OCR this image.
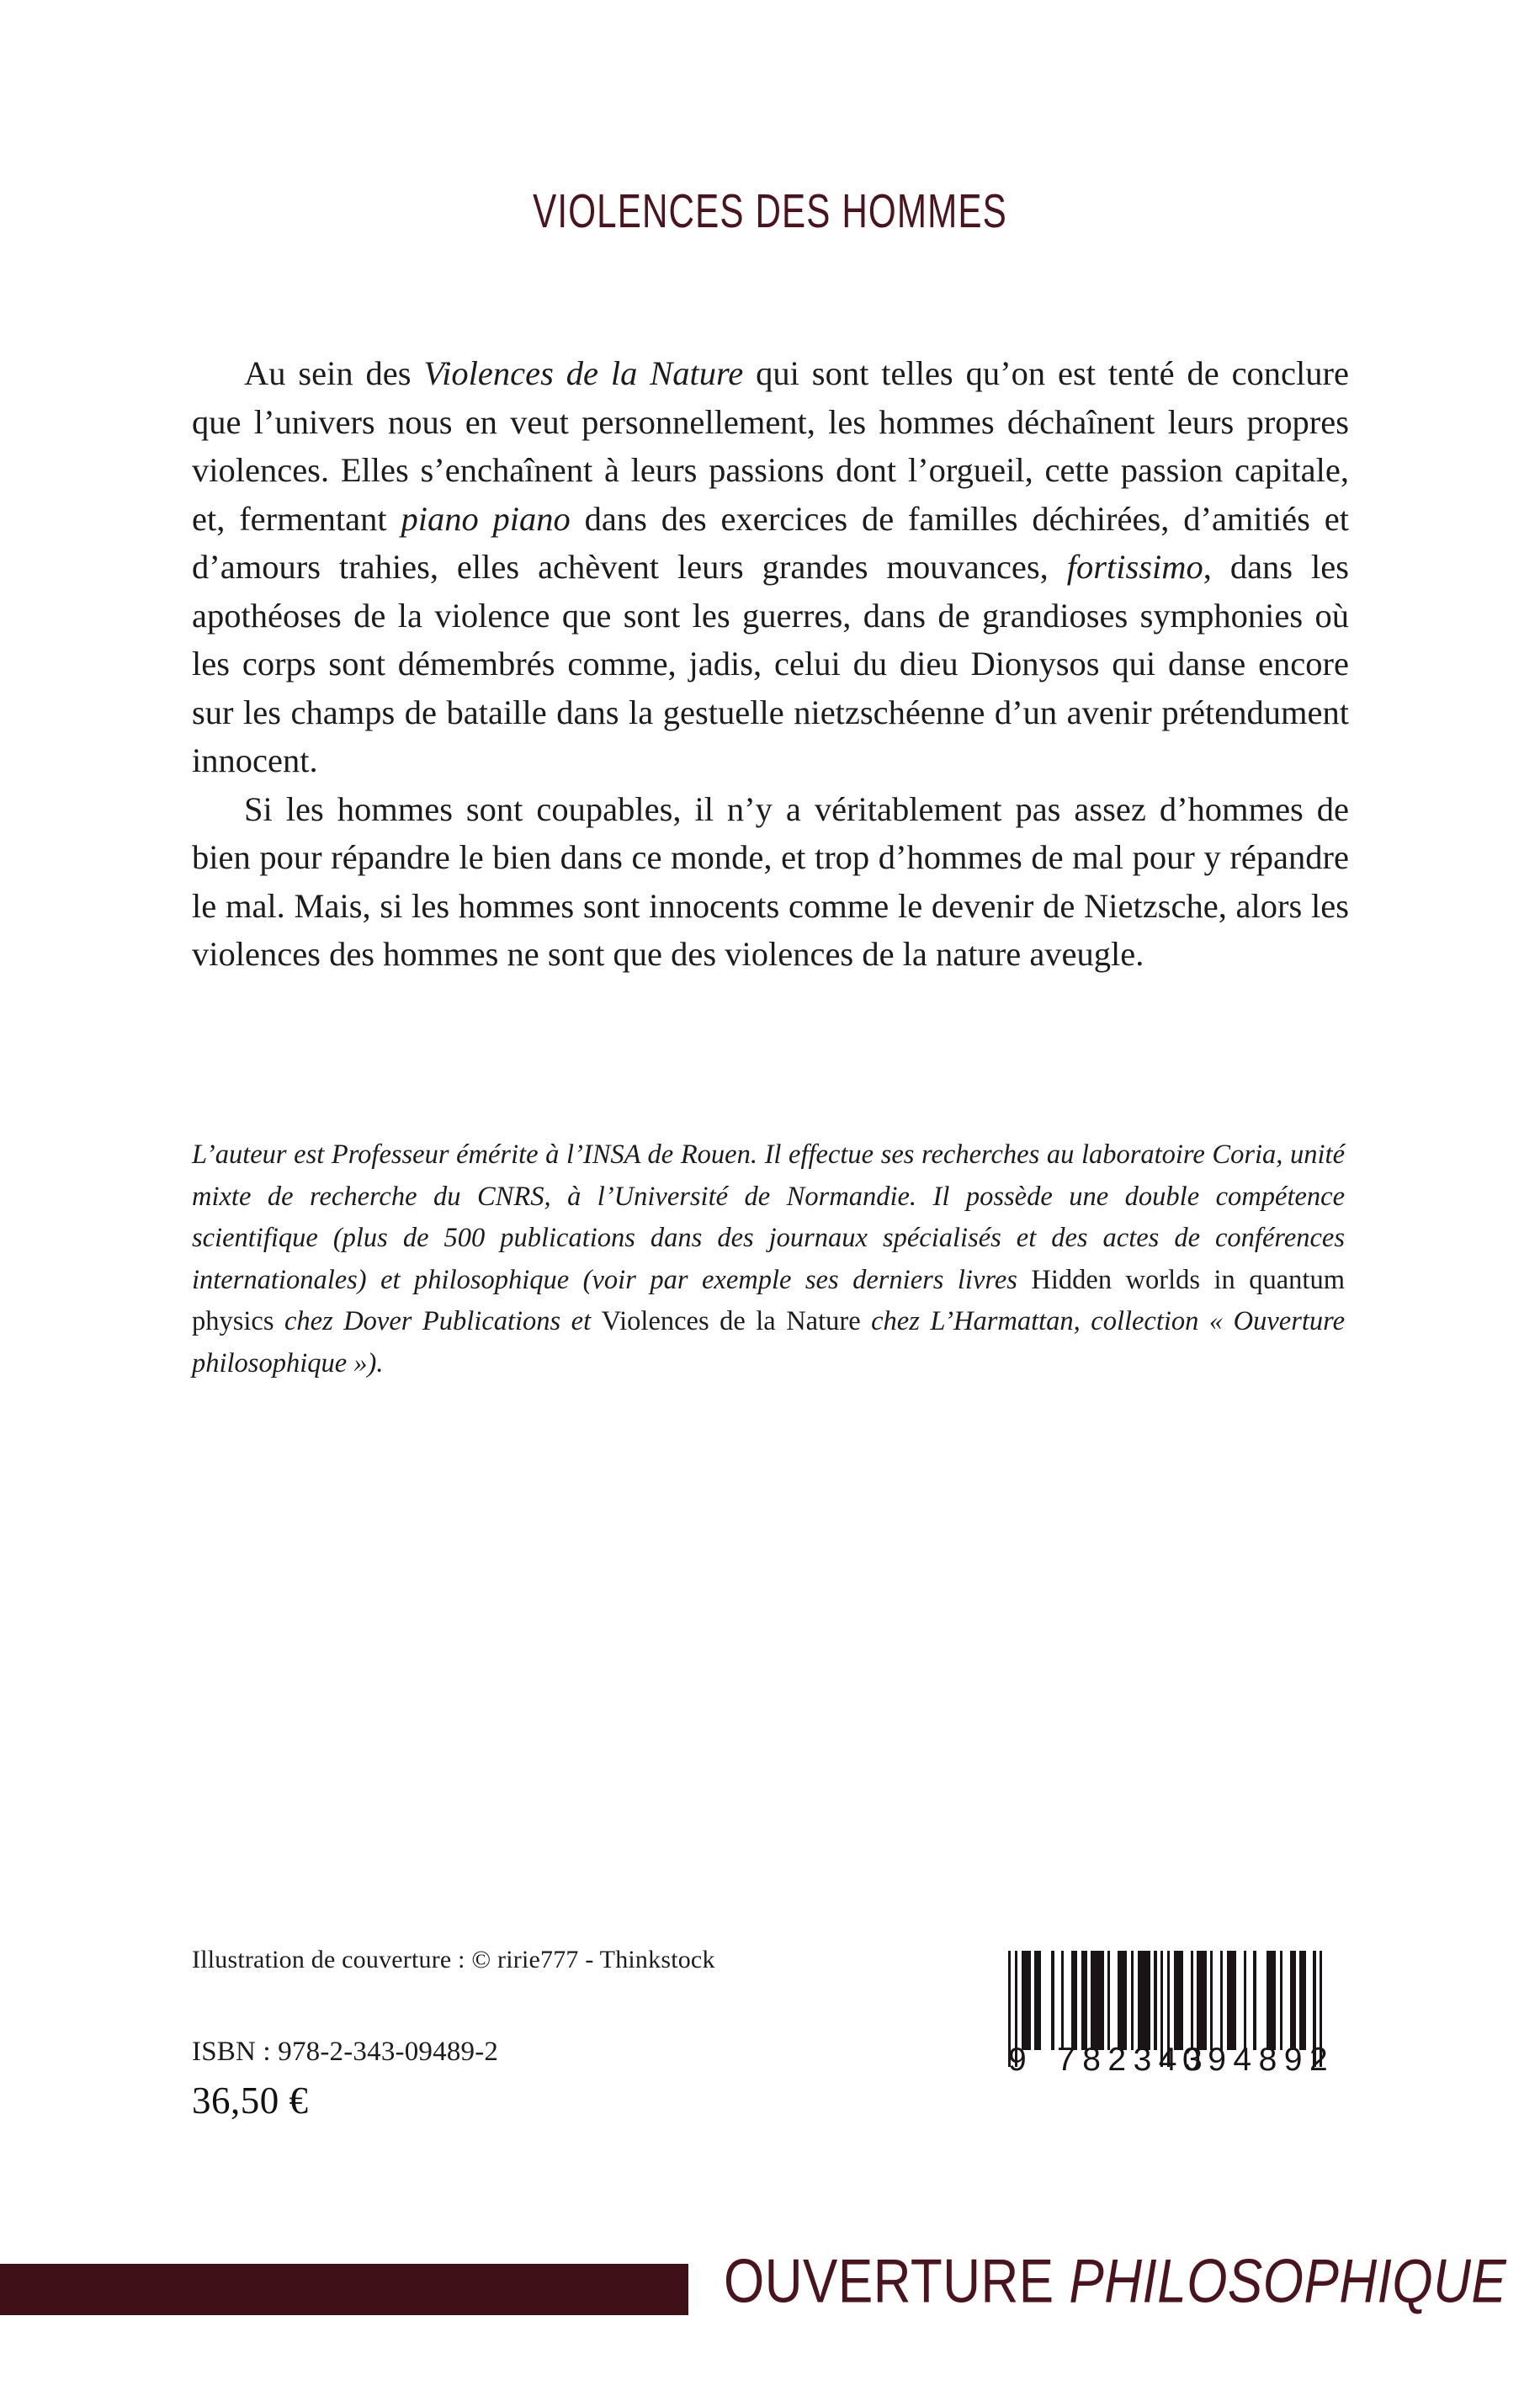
VIOLENCES DES HOMMES

Au sein des Violences de la Nature qui sont telles qu’on est tenté de conclure que l’univers nous en veut personnellement, les hommes déchaînent leurs propres violences. Elles s’enchaînent à leurs passions dont l’orgueil, cette passion capitale, et, fermentant piano piano dans des exercices de familles déchirées, d’amitiés et d’amours trahies, elles achèvent leurs grandes mouvances, fortissimo, dans les apothéoses de la violence que sont les guerres, dans de grandioses symphonies où les corps sont démembrés comme, jadis, celui du dieu Dionysos qui danse encore sur les champs de bataille dans la gestuelle nietzschéenne d’un avenir prétendument innocent.

Si les hommes sont coupables, il n’y a véritablement pas assez d’hommes de bien pour répandre le bien dans ce monde, et trop d’hommes de mal pour y répandre le mal. Mais, si les hommes sont innocents comme le devenir de Nietzsche, alors les violences des hommes ne sont que des violences de la nature aveugle.

L’auteur est Professeur émérite à l’INSA de Rouen. Il effectue ses recherches au laboratoire Coria, unité mixte de recherche du CNRS, à l’Université de Normandie. Il possède une double compétence scientifique (plus de 500 publications dans des journaux spécialisés et des actes de conférences internationales) et philosophique (voir par exemple ses derniers livres Hidden worlds in quantum physics chez Dover Publications et Violences de la Nature chez L’Harmattan, collection « Ouverture philosophique »).
Illustration de couverture : © ririe777 - Thinkstock
ISBN : 978-2-343-09489-2
36,50 €
9 782343
094892
OUVERTURE PHILOSOPHIQUE
